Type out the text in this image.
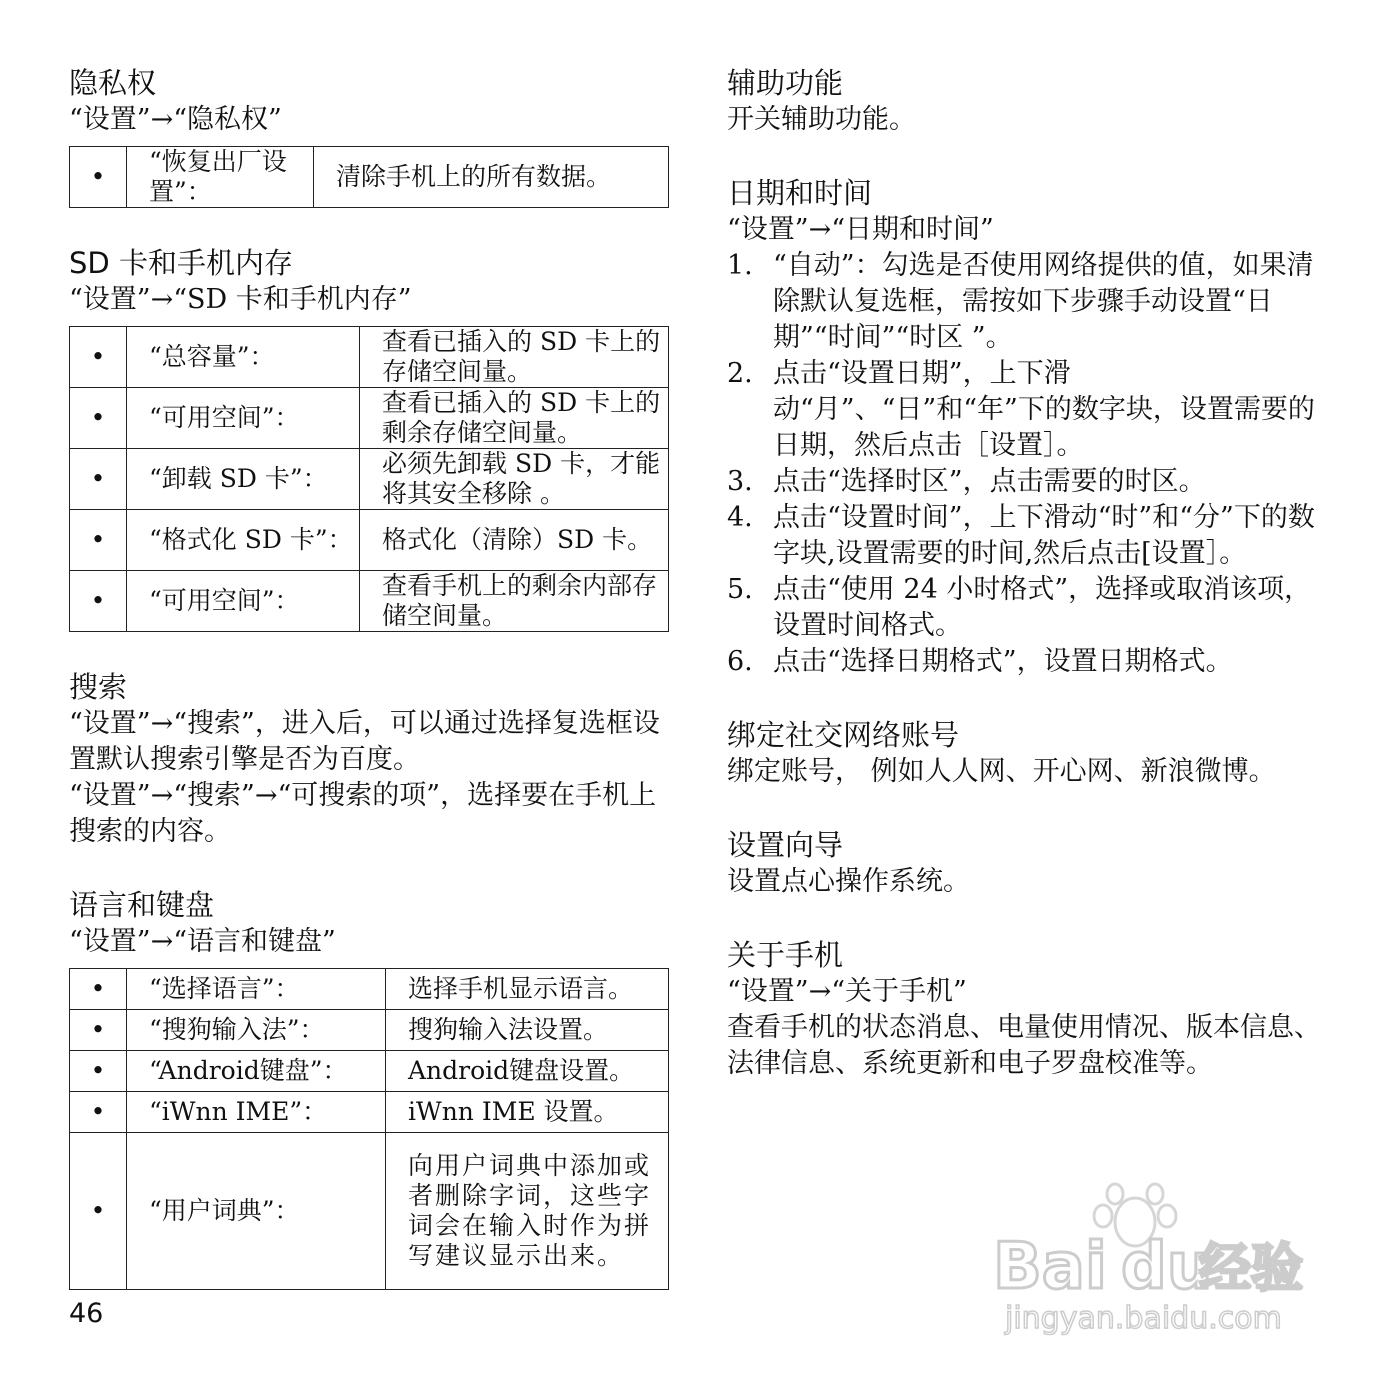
隐私权
“设置”→“隐私权”
•	“恢复出厂设置”：	清除手机上的所有数据。
SD 卡和手机内存
“设置”→“SD 卡和手机内存”
•	“总容量”：	查看已插入的 SD 卡上的存储空间量。
•	“可用空间”：	查看已插入的 SD 卡上的剩余存储空间量。
•	“卸载 SD 卡”：	必须先卸载 SD 卡，才能将其安全移除 。
•	“格式化 SD 卡”：	格式化（清除）SD 卡。
•	“可用空间”：	查看手机上的剩余内部存储空间量。
搜索

“设置”→“搜索”，进入后，可以通过选择复选框设置默认搜索引擎是否为百度。

“设置”→“搜索”→“可搜索的项”，选择要在手机上搜索的内容。

语言和键盘
“设置”→“语言和键盘”
•	“选择语言”：	选择手机显示语言。
•	“搜狗输入法”：	搜狗输入法设置。
•	“Android键盘”：	Android键盘设置。
•	“iWnn IME”：	iWnn IME 设置。
•	“用户词典”：	向用户词典中添加或者删除字词，这些字词会在输入时作为拼写建议显示出来。
辅助功能

开关辅助功能。

日期和时间
“设置”→“日期和时间”
1. “自动”：勾选是否使用网络提供的值，如果清除默认复选框，需按如下步骤手动设置“日期”“时间”“时区 ”。
2. 点击“设置日期”，上下滑动“月”、“日”和“年”下的数字块，设置需要的日期，然后点击［设置］。
3. 点击“选择时区”，点击需要的时区。
4. 点击“设置时间”，上下滑动“时”和“分”下的数字块,设置需要的时间,然后点击[设置］。
5. 点击“使用 24 小时格式”，选择或取消该项，设置时间格式。
6. 点击“选择日期格式”，设置日期格式。
绑定社交网络账号

绑定账号， 例如人人网、开心网、新浪微博。

设置向导

设置点心操作系统。

关于手机
“设置”→“关于手机”

查看手机的状态消息、电量使用情况、版本信息、法律信息、系统更新和电子罗盘校准等。

46
Bai du
经验
jingyan.baidu.com
